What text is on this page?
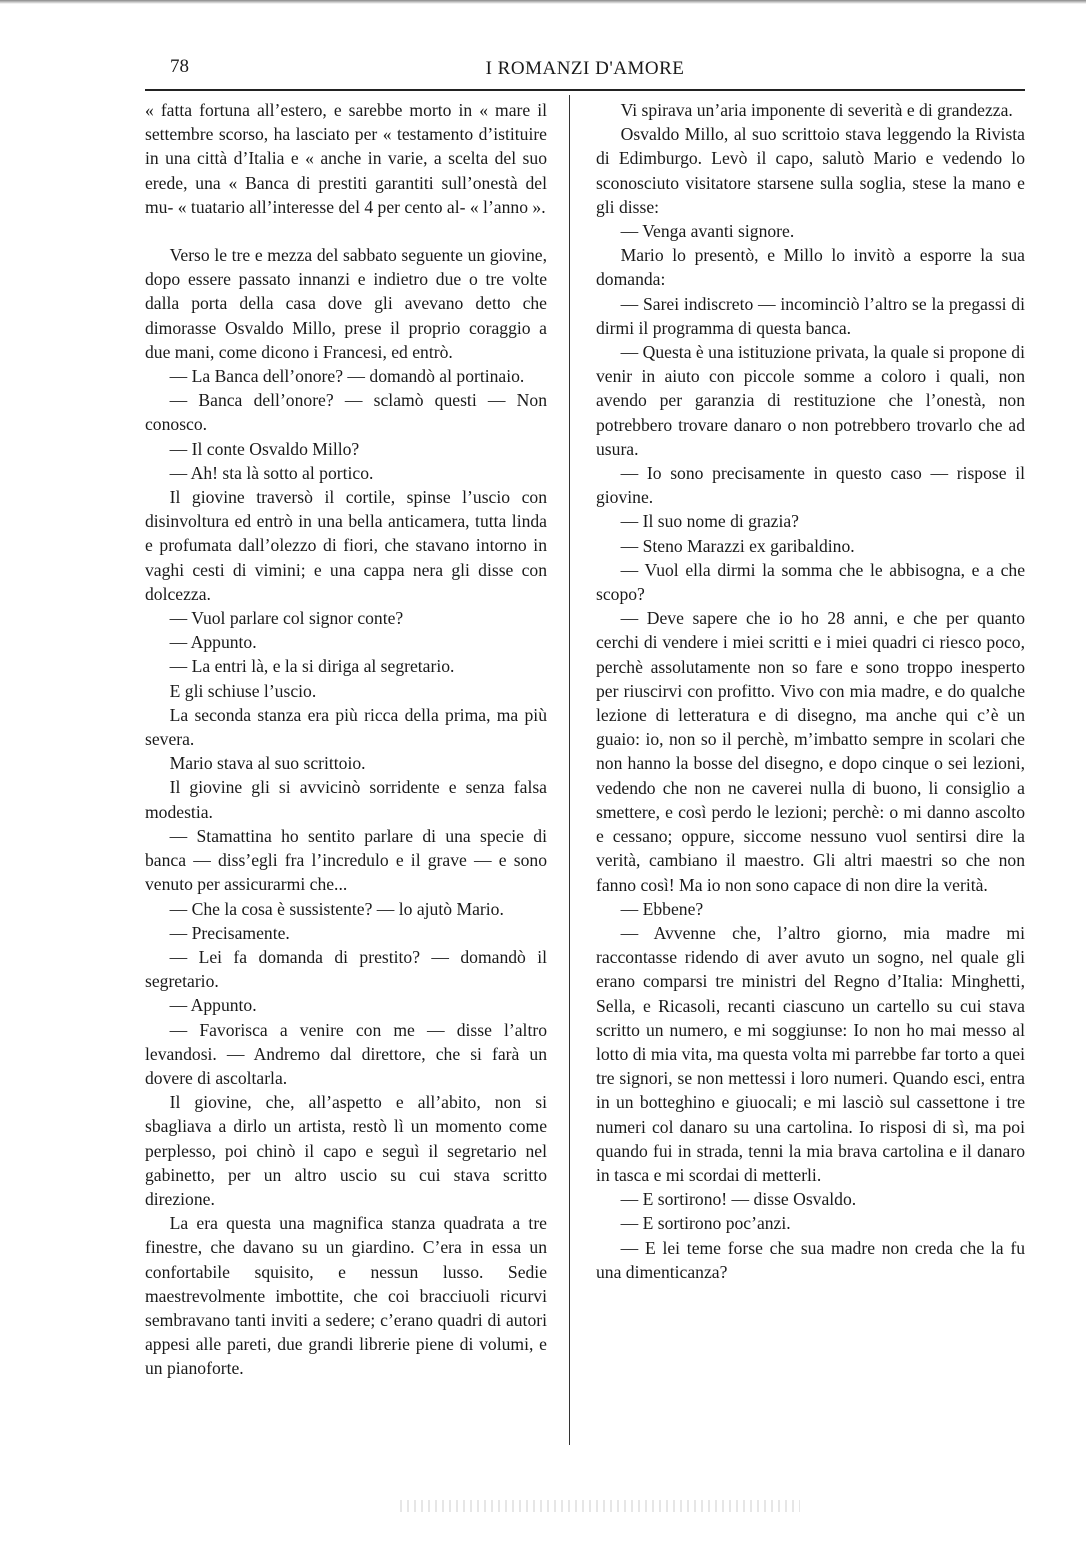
78	I ROMANZI D'AMORE

« fatta fortuna all’estero, e sarebbe morto in « mare il settembre scorso, ha lasciato per « testamento d’istituire in una città d’Italia e « anche in varie, a scelta del suo erede, una « Banca di prestiti garantiti sull’onestà del mu- « tuatario all’interesse del 4 per cento al- « l’anno ».

Verso le tre e mezza del sabbato seguente un giovine, dopo essere passato innanzi e indietro due o tre volte dalla porta della casa dove gli avevano detto che dimorasse Osvaldo Millo, prese il proprio coraggio a due mani, come dicono i Francesi, ed entrò.

— La Banca dell’onore? — domandò al portinaio.

— Banca dell’onore? — sclamò questi — Non conosco.

— Il conte Osvaldo Millo?

— Ah! sta là sotto al portico.

Il giovine traversò il cortile, spinse l’uscio con disinvoltura ed entrò in una bella anticamera, tutta linda e profumata dall’olezzo di fiori, che stavano intorno in vaghi cesti di vimini; e una cappa nera gli disse con dolcezza.

— Vuol parlare col signor conte?

— Appunto.

— La entri là, e la si diriga al segretario.

E gli schiuse l’uscio.

La seconda stanza era più ricca della prima, ma più severa.

Mario stava al suo scrittoio.

Il giovine gli si avvicinò sorridente e senza falsa modestia.

— Stamattina ho sentito parlare di una specie di banca — diss’egli fra l’incredulo e il grave — e sono venuto per assicurarmi che...

— Che la cosa è sussistente? — lo ajutò Mario.

— Precisamente.

— Lei fa domanda di prestito? — domandò il segretario.

— Appunto.

— Favorisca a venire con me — disse l’altro levandosi. — Andremo dal direttore, che si farà un dovere di ascoltarla.

Il giovine, che, all’aspetto e all’abito, non si sbagliava a dirlo un artista, restò lì un momento come perplesso, poi chinò il capo e seguì il segretario nel gabinetto, per un altro uscio su cui stava scritto direzione.

La era questa una magnifica stanza quadrata a tre finestre, che davano su un giardino. C’era in essa un confortabile squisito, e nessun lusso. Sedie maestrevolmente imbottite, che coi bracciuoli ricurvi sembravano tanti inviti a sedere; c’erano quadri di autori appesi alle pareti, due grandi librerie piene di volumi, e un pianoforte.

Vi spirava un’aria imponente di severità e di grandezza.

Osvaldo Millo, al suo scrittoio stava leggendo la Rivista di Edimburgo. Levò il capo, salutò Mario e vedendo lo sconosciuto visitatore starsene sulla soglia, stese la mano e gli disse:

— Venga avanti signore.

Mario lo presentò, e Millo lo invitò a esporre la sua domanda:

— Sarei indiscreto — incominciò l’altro se la pregassi di dirmi il programma di questa banca.

— Questa è una istituzione privata, la quale si propone di venir in aiuto con piccole somme a coloro i quali, non avendo per garanzia di restituzione che l’onestà, non potrebbero trovare danaro o non potrebbero trovarlo che ad usura.

— Io sono precisamente in questo caso — rispose il giovine.

— Il suo nome di grazia?

— Steno Marazzi ex garibaldino.

— Vuol ella dirmi la somma che le abbisogna, e a che scopo?

— Deve sapere che io ho 28 anni, e che per quanto cerchi di vendere i miei scritti e i miei quadri ci riesco poco, perchè assolutamente non so fare e sono troppo inesperto per riuscirvi con profitto. Vivo con mia madre, e do qualche lezione di letteratura e di disegno, ma anche qui c’è un guaio: io, non so il perchè, m’imbatto sempre in scolari che non hanno la bosse del disegno, e dopo cinque o sei lezioni, vedendo che non ne caverei nulla di buono, li consiglio a smettere, e così perdo le lezioni; perchè: o mi danno ascolto e cessano; oppure, siccome nessuno vuol sentirsi dire la verità, cambiano il maestro. Gli altri maestri so che non fanno così! Ma io non sono capace di non dire la verità.

— Ebbene?

— Avvenne che, l’altro giorno, mia madre mi raccontasse ridendo di aver avuto un sogno, nel quale gli erano comparsi tre ministri del Regno d’Italia: Minghetti, Sella, e Ricasoli, recanti ciascuno un cartello su cui stava scritto un numero, e mi soggiunse: Io non ho mai messo al lotto di mia vita, ma questa volta mi parrebbe far torto a quei tre signori, se non mettessi i loro numeri. Quando esci, entra in un botteghino e giuocali; e mi lasciò sul cassettone i tre numeri col danaro su una cartolina. Io risposi di sì, ma poi quando fui in strada, tenni la mia brava cartolina e il danaro in tasca e mi scordai di metterli.

— E sortirono! — disse Osvaldo.

— E sortirono poc’anzi.

— E lei teme forse che sua madre non creda che la fu una dimenticanza?
